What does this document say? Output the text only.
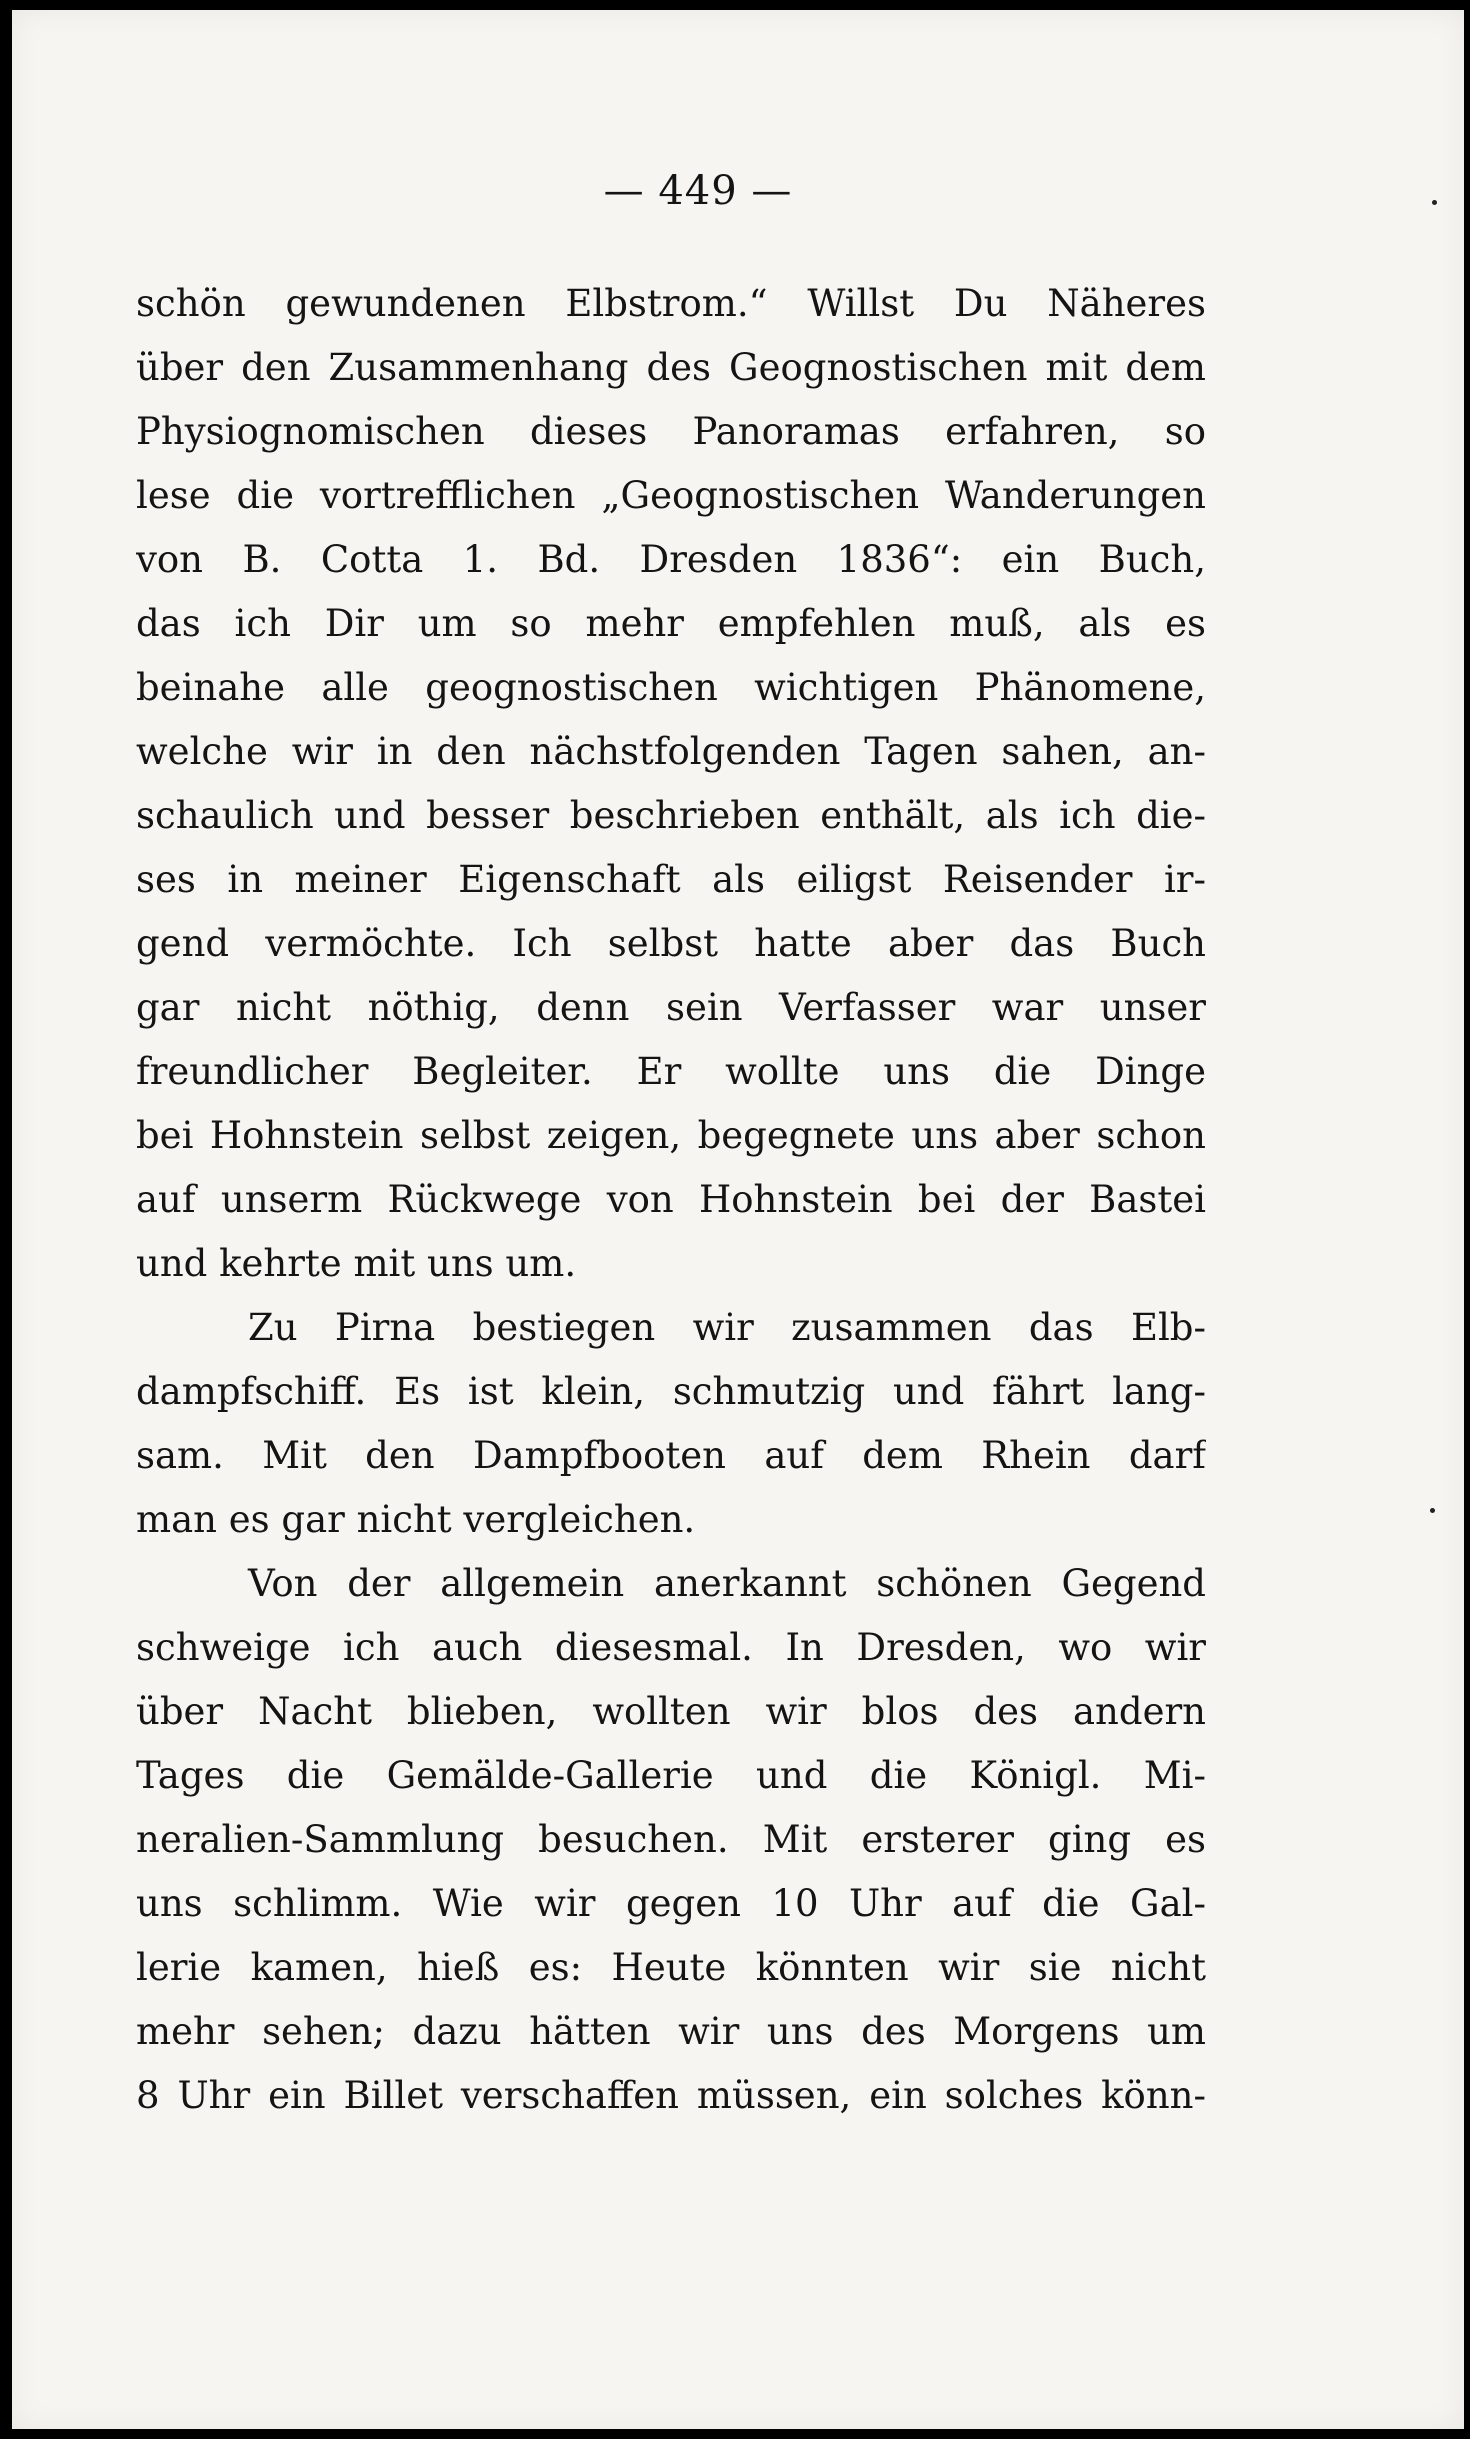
— 449 —
schön gewundenen Elbstrom.“ Willst Du Näheres
über den Zusammenhang des Geognostischen mit dem
Physiognomischen dieses Panoramas erfahren, so
lese die vortrefflichen „Geognostischen Wanderungen
von B. Cotta 1. Bd. Dresden 1836“: ein Buch,
das ich Dir um so mehr empfehlen muß, als es
beinahe alle geognostischen wichtigen Phänomene,
welche wir in den nächstfolgenden Tagen sahen, an-
schaulich und besser beschrieben enthält, als ich die-
ses in meiner Eigenschaft als eiligst Reisender ir-
gend vermöchte. Ich selbst hatte aber das Buch
gar nicht nöthig, denn sein Verfasser war unser
freundlicher Begleiter. Er wollte uns die Dinge
bei Hohnstein selbst zeigen, begegnete uns aber schon
auf unserm Rückwege von Hohnstein bei der Bastei
und kehrte mit uns um.
Zu Pirna bestiegen wir zusammen das Elb-
dampfschiff. Es ist klein, schmutzig und fährt lang-
sam. Mit den Dampfbooten auf dem Rhein darf
man es gar nicht vergleichen.
Von der allgemein anerkannt schönen Gegend
schweige ich auch diesesmal. In Dresden, wo wir
über Nacht blieben, wollten wir blos des andern
Tages die Gemälde-Gallerie und die Königl. Mi-
neralien-Sammlung besuchen. Mit ersterer ging es
uns schlimm. Wie wir gegen 10 Uhr auf die Gal-
lerie kamen, hieß es: Heute könnten wir sie nicht
mehr sehen; dazu hätten wir uns des Morgens um
8 Uhr ein Billet verschaffen müssen, ein solches könn-
